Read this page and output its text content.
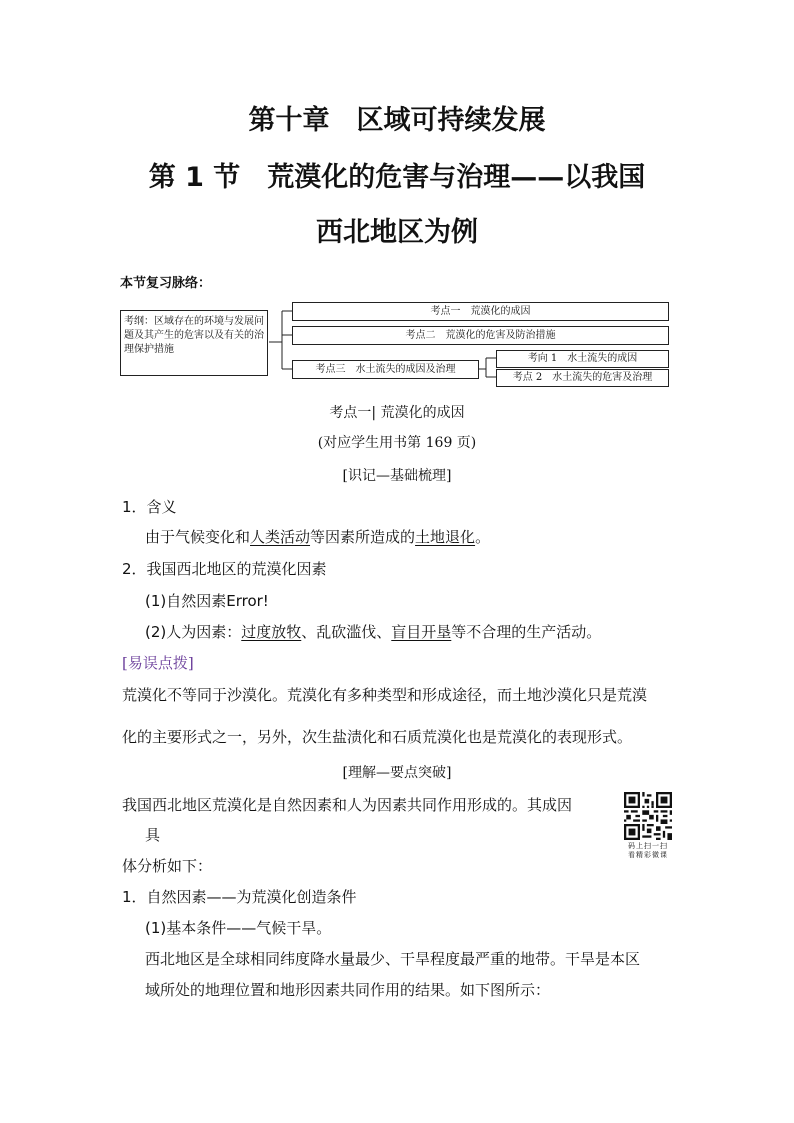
第十章　区域可持续发展
第 1 节　荒漠化的危害与治理——以我国
西北地区为例
本节复习脉络：
考纲：区域存在的环境与发展问题及其产生的危害以及有关的治理保护措施
考点一　荒漠化的成因
考点二　荒漠化的危害及防治措施
考点三　水土流失的成因及治理
考向 1　水土流失的成因
考点 2　水土流失的危害及治理
考点一| 荒漠化的成因
(对应学生用书第 169 页)
[识记—基础梳理]
1．含义
由于气候变化和人类活动等因素所造成的土地退化。
2．我国西北地区的荒漠化因素
(1)自然因素Error!
(2)人为因素：过度放牧、乱砍滥伐、盲目开垦等不合理的生产活动。
[易误点拨]
荒漠化不等同于沙漠化。荒漠化有多种类型和形成途径，而土地沙漠化只是荒漠
化的主要形式之一，另外，次生盐渍化和石质荒漠化也是荒漠化的表现形式。
[理解—要点突破]
我国西北地区荒漠化是自然因素和人为因素共同作用形成的。其成因
具
体分析如下：
码上扫一扫
看精彩微课
1．自然因素——为荒漠化创造条件
(1)基本条件——气候干旱。
西北地区是全球相同纬度降水量最少、干旱程度最严重的地带。干旱是本区
域所处的地理位置和地形因素共同作用的结果。如下图所示：
